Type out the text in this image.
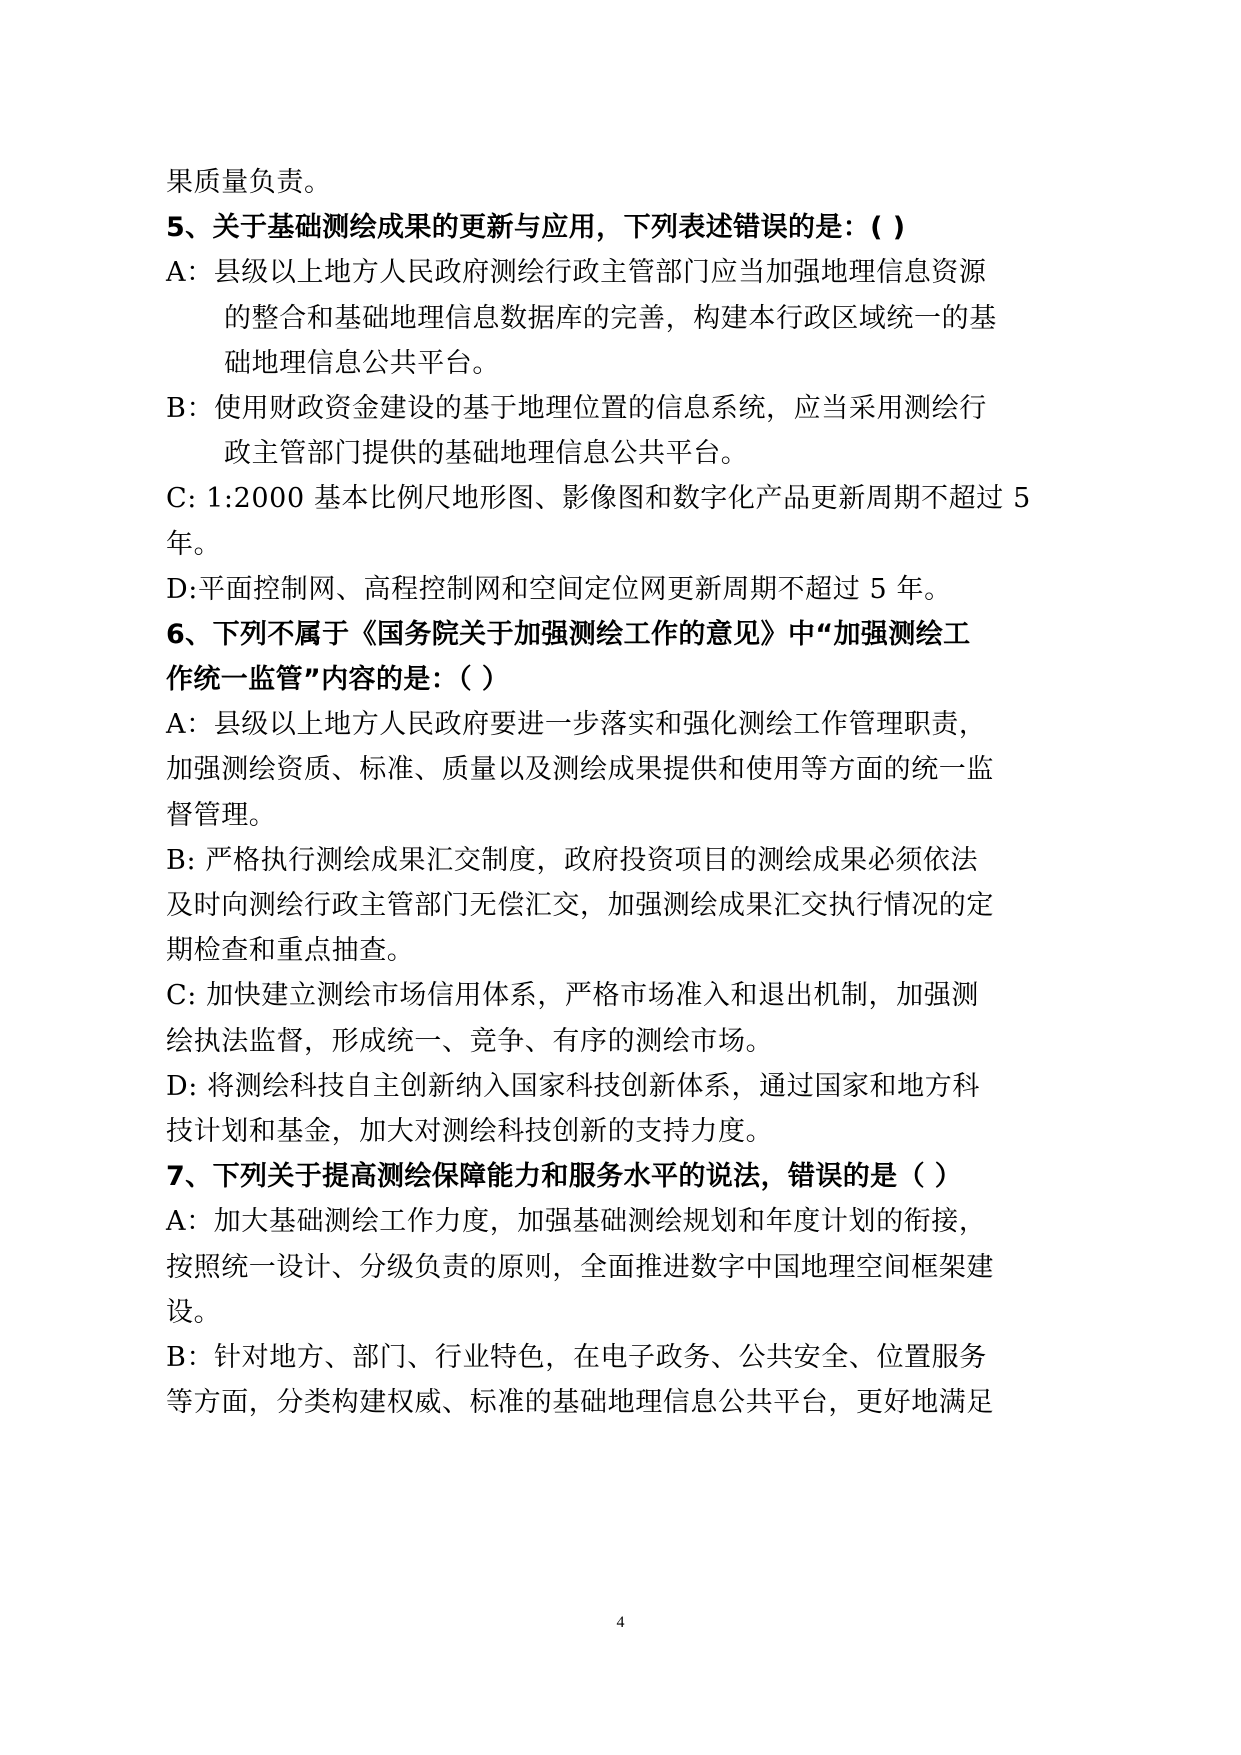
果质量负责。
5、关于基础测绘成果的更新与应用，下列表述错误的是：( )
A：县级以上地方人民政府测绘行政主管部门应当加强地理信息资源
的整合和基础地理信息数据库的完善，构建本行政区域统一的基
础地理信息公共平台。
B：使用财政资金建设的基于地理位置的信息系统，应当采用测绘行
政主管部门提供的基础地理信息公共平台。
C: 1:2000 基本比例尺地形图、影像图和数字化产品更新周期不超过 5
年。
D:平面控制网、高程控制网和空间定位网更新周期不超过 5 年。
6、下列不属于《国务院关于加强测绘工作的意见》中“加强测绘工
作统一监管”内容的是：（ ）
A：县级以上地方人民政府要进一步落实和强化测绘工作管理职责，
加强测绘资质、标准、质量以及测绘成果提供和使用等方面的统一监
督管理。
B: 严格执行测绘成果汇交制度，政府投资项目的测绘成果必须依法
及时向测绘行政主管部门无偿汇交，加强测绘成果汇交执行情况的定
期检查和重点抽查。
C: 加快建立测绘市场信用体系，严格市场准入和退出机制，加强测
绘执法监督，形成统一、竞争、有序的测绘市场。
D: 将测绘科技自主创新纳入国家科技创新体系，通过国家和地方科
技计划和基金，加大对测绘科技创新的支持力度。
7、下列关于提高测绘保障能力和服务水平的说法，错误的是（ ）
A：加大基础测绘工作力度，加强基础测绘规划和年度计划的衔接，
按照统一设计、分级负责的原则，全面推进数字中国地理空间框架建
设。
B：针对地方、部门、行业特色，在电子政务、公共安全、位置服务
等方面，分类构建权威、标准的基础地理信息公共平台，更好地满足
4
